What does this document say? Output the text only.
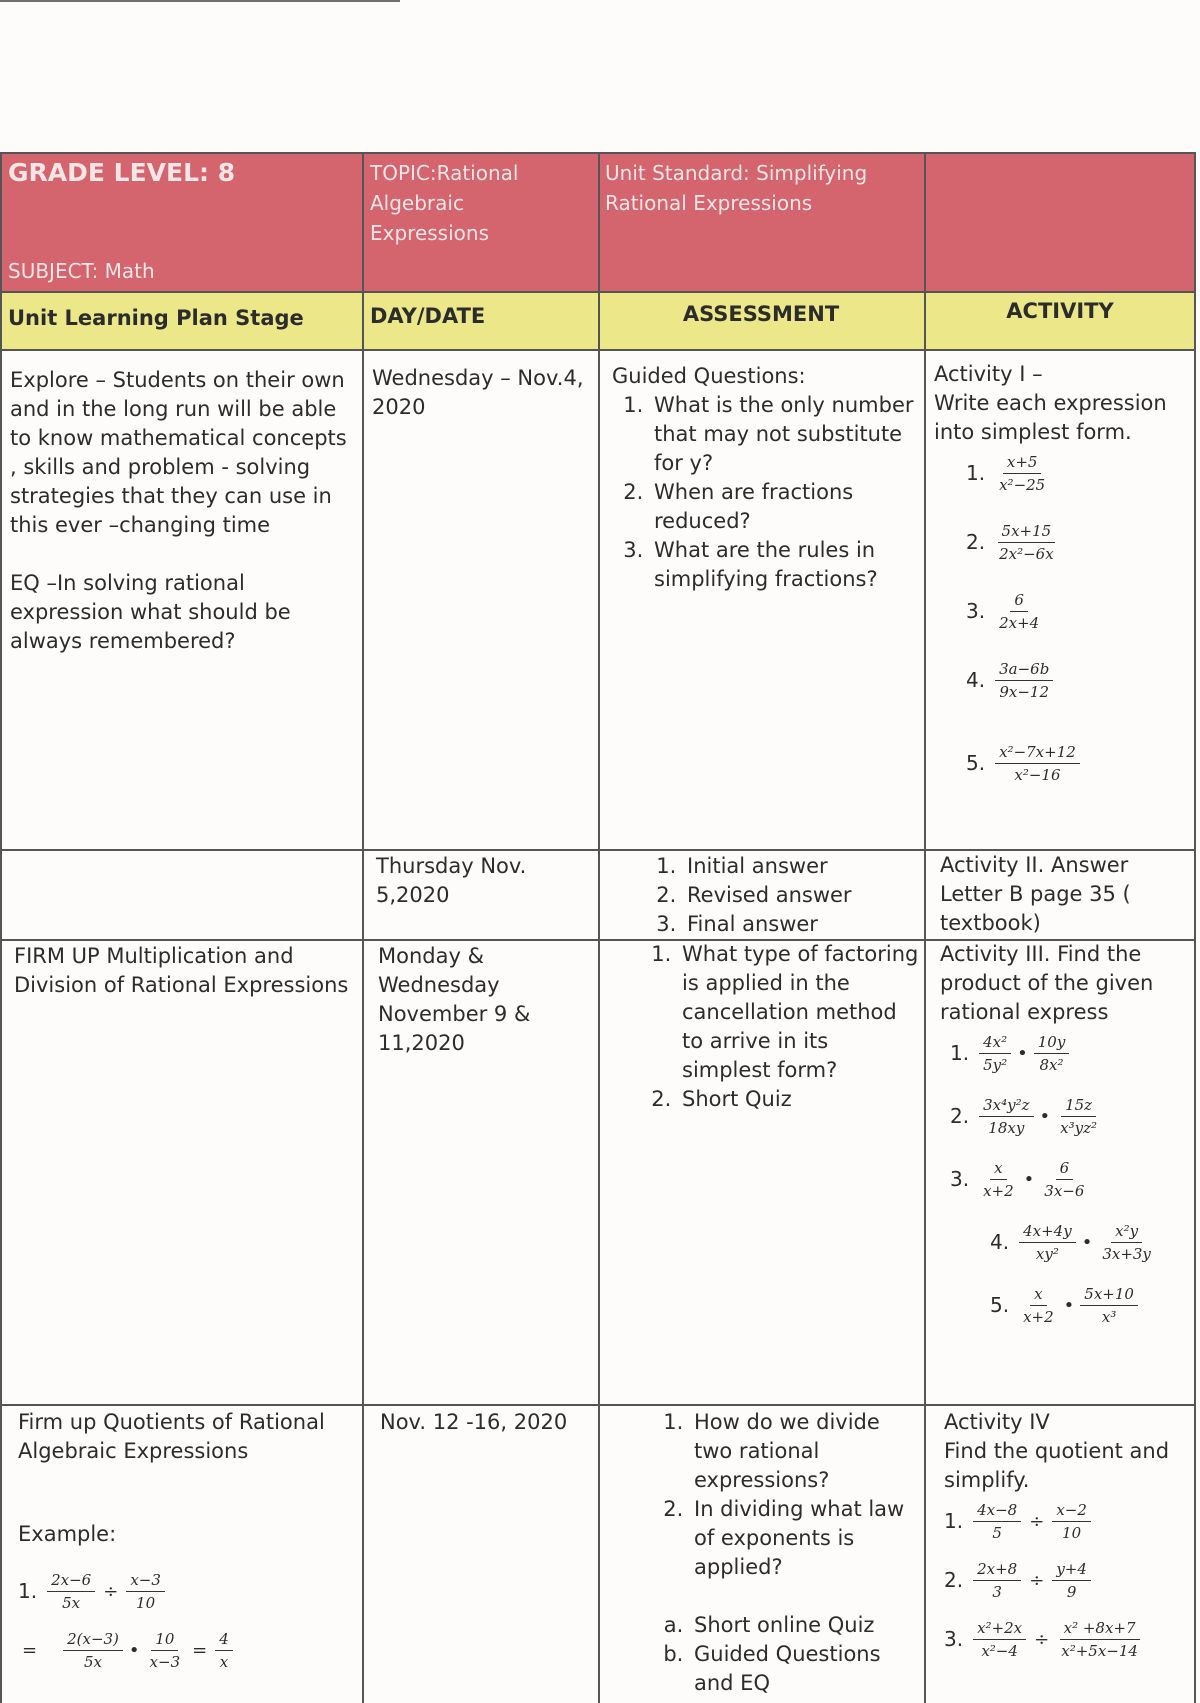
GRADE LEVEL: 8
SUBJECT: Math
TOPIC:Rational Algebraic Expressions
Unit Standard: Simplifying Rational Expressions
Unit Learning Plan Stage	DAY/DATE	ASSESSMENT	ACTIVITY
Explore – Students on their own and in the long run will be able to know mathematical concepts , skills and problem - solving strategies that they can use in this ever –changing time
EQ –In solving rational expression what should be always remembered?
Wednesday – Nov.4, 2020
Guided Questions:
1. What is the only number that may not substitute for y?
2. When are fractions reduced?
3. What are the rules in simplifying fractions?
Activity I –
Write each expression into simplest form.
1. $\frac{x+5}{\text{x²−25}}$
2. $\frac{5x+15}{\text{2x²−6x}}$
3. $\frac{6}{2x+4}$
4. $\frac{3a-6b}{9x-12}$
5. $\frac{\text{x²−7x+12}}{\text{x²−16}}$
Thursday Nov. 5,2020
1. Initial answer
2. Revised answer
3. Final answer
Activity II. Answer Letter B page 35 ( textbook)
FIRM UP Multiplication and Division of Rational Expressions
Monday & Wednesday November 9 & 11,2020
1. What type of factoring is applied in the cancellation method to arrive in its simplest form?
2. Short Quiz
Activity III. Find the product of the given rational express
1. $\frac{\text{4x²}}{\text{5y²}}$ • $\frac{10y}{\text{8x²}}$
2. $\frac{\text{3x⁴y²z}}{18xy}$ • $\frac{15z}{\text{x³yz²}}$
3. $\frac{x}{x+2}$ • $\frac{6}{3x-6}$
4. $\frac{4x+4y}{\text{xy²}}$ • $\frac{\text{x²y}}{3x+3y}$
5. $\frac{x}{x+2}$ • $\frac{5x+10}{\text{x³}}$
Firm up Quotients of Rational Algebraic Expressions
Example:
1. $\frac{2x-6}{5x} \div \frac{x-3}{10}$
= $\frac{2(x-3)}{5x}$ • $\frac{10}{x-3} = \frac{4}{x}$
Nov. 12 -16, 2020
1.	How do we divide two rational expressions?
2. In dividing what law of exponents is applied?
a. Short online Quiz
b. Guided Questions and EQ
Activity IV
Find the quotient and simplify.
1. $\frac{4x-8}{5} \div \frac{x-2}{10}$
2. $\frac{2x+8}{3} \div \frac{y+4}{9}$
3. $\frac{\text{x²+2x}}{\text{x²−4}} \div \frac{\text{x² +8x+7}}{\text{x²+5x−14}}$
